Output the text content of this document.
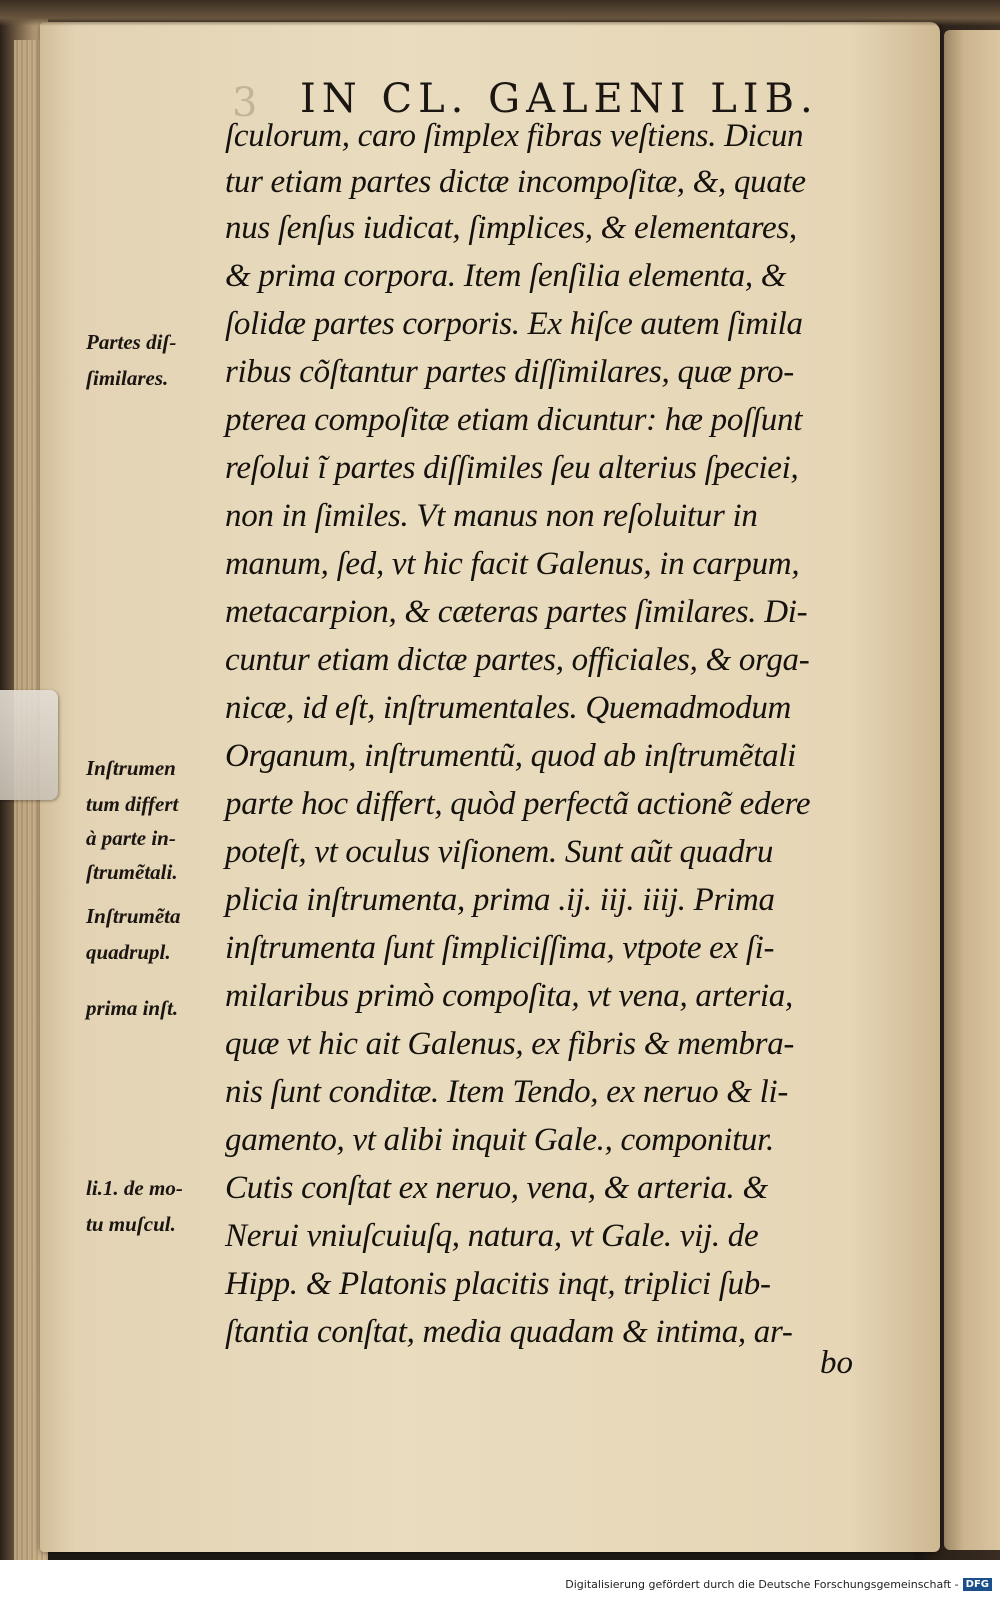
3 IN CL. GALENI LIB.
ſculorum, caro ſimplex fibras veſtiens. Dicun
tur etiam partes dictæ incompoſitæ, &, quate
nus ſenſus iudicat, ſimplices, & elementares,
& prima corpora. Item ſenſilia elementa, &
ſolidæ partes corporis. Ex hiſce autem ſimila
ribus cõſtantur partes diſſimilares, quæ pro-
pterea compoſitæ etiam dicuntur: hæ poſſunt
reſolui ĩ partes diſſimiles ſeu alterius ſpeciei,
non in ſimiles. Vt manus non reſoluitur in
manum, ſed, vt hic facit Galenus, in carpum,
metacarpion, & cæteras partes ſimilares. Di-
cuntur etiam dictæ partes, officiales, & orga-
nicæ, id eſt, inſtrumentales. Quemadmodum
Organum, inſtrumentũ, quod ab inſtrumẽtali
parte hoc differt, quòd perfectã actionẽ edere
poteſt, vt oculus viſionem. Sunt aũt quadru
plicia inſtrumenta, prima .ij. iij. iiij. Prima
inſtrumenta ſunt ſimpliciſſima, vtpote ex ſi-
milaribus primò compoſita, vt vena, arteria,
quæ vt hic ait Galenus, ex fibris & membra-
nis ſunt conditæ. Item Tendo, ex neruo & li-
gamento, vt alibi inquit Gale., componitur.
Cutis conſtat ex neruo, vena, & arteria. &
Nerui vniuſcuiuſq, natura, vt Gale. vij. de
Hipp. & Platonis placitis inqt, triplici ſub-
ſtantia conſtat, media quadam & intima, ar-
bo
Partes diſ-
ſimilares.
Inſtrumen
tum differt
à parte in-
ſtrumẽtali.
Inſtrumẽta
quadrupl.
prima inſt.
li.1. de mo-
tu muſcul.
Digitalisierung gefördert durch die Deutsche Forschungsgemeinschaft - DFG
